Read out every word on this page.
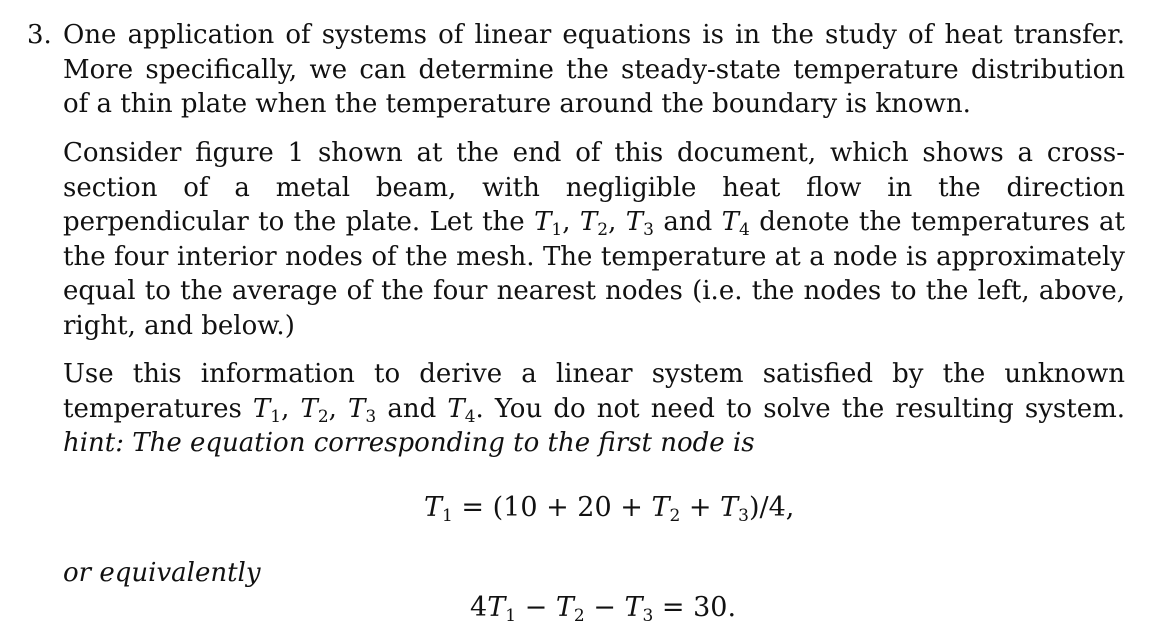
3. One application of systems of linear equations is in the study of heat transfer. More specifically, we can determine the steady-state temperature distribution of a thin plate when the temperature around the boundary is known.

Consider figure 1 shown at the end of this document, which shows a cross-section of a metal beam, with negligible heat flow in the direction perpendicular to the plate. Let the $T_1$, $T_2$, $T_3$ and $T_4$ denote the temperatures at the four interior nodes of the mesh. The temperature at a node is approximately equal to the average of the four nearest nodes (i.e. the nodes to the left, above, right, and below.)

Use this information to derive a linear system satisfied by the unknown temperatures $T_1$, $T_2$, $T_3$ and $T_4$. You do not need to solve the resulting system. hint: The equation corresponding to the first node is

$T_1 = (10 + 20 + T_2 + T_3)/4$,
or equivalently
$4T_1 - T_2 - T_3 = 30$.
